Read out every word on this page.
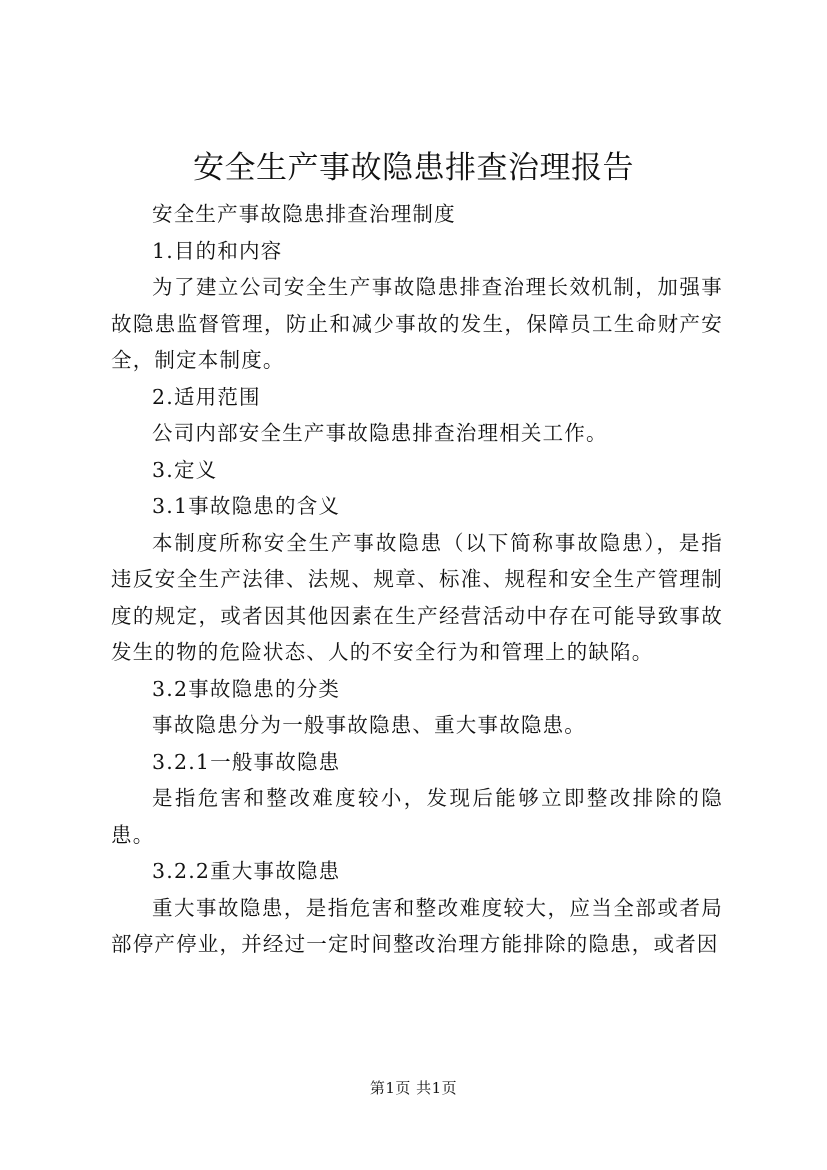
安全生产事故隐患排查治理报告

安全生产事故隐患排查治理制度

1.目的和内容

为了建立公司安全生产事故隐患排查治理长效机制，加强事故隐患监督管理，防止和减少事故的发生，保障员工生命财产安全，制定本制度。

2.适用范围

公司内部安全生产事故隐患排查治理相关工作。

3.定义

3.1事故隐患的含义

本制度所称安全生产事故隐患（以下简称事故隐患），是指违反安全生产法律、法规、规章、标准、规程和安全生产管理制度的规定，或者因其他因素在生产经营活动中存在可能导致事故发生的物的危险状态、人的不安全行为和管理上的缺陷。

3.2事故隐患的分类

事故隐患分为一般事故隐患、重大事故隐患。

3.2.1一般事故隐患

是指危害和整改难度较小，发现后能够立即整改排除的隐患。

3.2.2重大事故隐患

重大事故隐患，是指危害和整改难度较大，应当全部或者局部停产停业，并经过一定时间整改治理方能排除的隐患，或者因

第1页 共1页
